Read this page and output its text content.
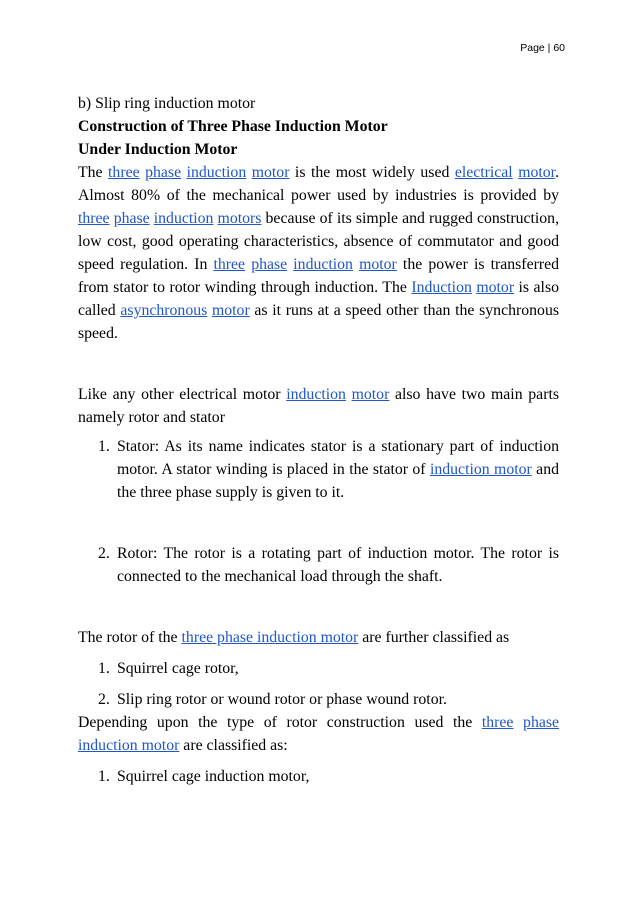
Page | 60

b) Slip ring induction motor

Construction of Three Phase Induction Motor

Under Induction Motor

The three phase induction motor is the most widely used electrical motor. Almost 80% of the mechanical power used by industries is provided by three phase induction motors because of its simple and rugged construction, low cost, good operating characteristics, absence of commutator and good speed regulation. In three phase induction motor the power is transferred from stator to rotor winding through induction. The Induction motor is also called asynchronous motor as it runs at a speed other than the synchronous speed.

Like any other electrical motor induction motor also have two main parts namely rotor and stator

1. Stator: As its name indicates stator is a stationary part of induction motor. A stator winding is placed in the stator of induction motor and the three phase supply is given to it.
2. Rotor: The rotor is a rotating part of induction motor. The rotor is connected to the mechanical load through the shaft.

The rotor of the three phase induction motor are further classified as

1. Squirrel cage rotor,
2. Slip ring rotor or wound rotor or phase wound rotor.

Depending upon the type of rotor construction used the three phase induction motor are classified as:

1. Squirrel cage induction motor,
